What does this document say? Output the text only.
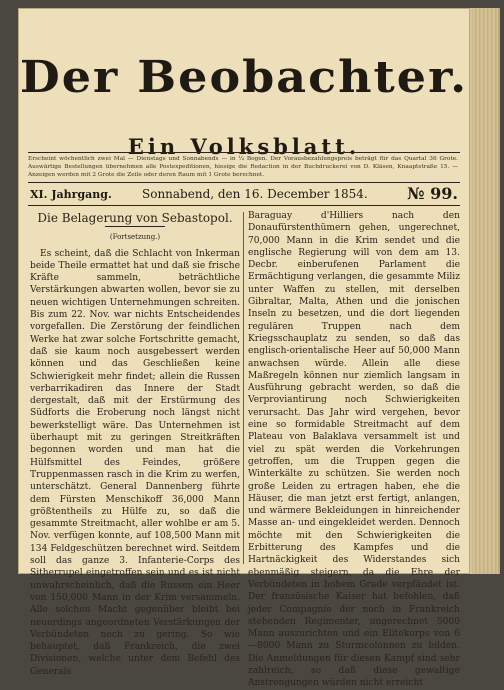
Der Beobachter.
Ein Volksblatt.
Erscheint wöchentlich zwei Mal — Dienstags und Sonnabends — in ¼ Bogen. Der Vorausbezahlungspreis beträgt für das Quartal 36 Grote. Auswärtige Bestellungen übernehmen alle Postexpeditionen, hiesige die Redaction in der Buchdruckerei von D. Kläsen, Knaaptstraße 15. — Anzeigen werden mit 2 Grote die Zeile oder deren Raum mit 1 Grote berechnet.
XI. Jahrgang.	Sonnabend, den 16. December 1854. № 99.
Die Belagerung von Sebastopol.
(Fortsetzung.)

Es scheint, daß die Schlacht von Inkerman beide Theile ermattet hat und daß sie frische Kräfte sammeln, beträchtliche Verstärkungen abwarten wollen, bevor sie zu neuen wichtigen Unternehmungen schreiten. Bis zum 22. Nov. war nichts Entscheidendes vorgefallen. Die Zerstörung der feindlichen Werke hat zwar solche Fortschritte gemacht, daß sie kaum noch ausgebessert werden können und das Geschließen keine Schwierigkeit mehr findet; allein die Russen verbarrikadiren das Innere der Stadt dergestalt, daß mit der Erstürmung des Südforts die Eroberung noch längst nicht bewerkstelligt wäre. Das Unternehmen ist überhaupt mit zu geringen Streitkräften begonnen worden und man hat die Hülfsmittel des Feindes, größere Truppenmassen rasch in die Krim zu werfen, unterschätzt. General Dannenberg führte dem Fürsten Menschikoff 36,000 Mann größtentheils zu Hülfe zu, so daß die gesammte Streitmacht, aller wohlbe er am 5. Nov. verfügen konnte, auf 108,500 Mann mit 134 Feldgeschützen berechnet wird. Seitdem soll das ganze 3. Infanterie-Corps des Sitherrupel eingetroffen sein und es ist nicht unwahrscheinlich, daß die Russen ein Heer von 150,000 Mann in der Krim versammeln. Alle solchen Macht gegenüber bleibt bei neuerdings angeordneten Verstärkungen der Verbündeten noch zu gering. So wie behauptet, daß Frankreich, die zwei Divisionen, welche unter dem Befehl des Generals

Baraguay d'Hilliers nach den Donaufürstenthümern gehen, ungerechnet, 70,000 Mann in die Krim sendet und die englische Regierung will von dem am 13. Decbr. einberufenen Parlament die Ermächtigung verlangen, die gesammte Miliz unter Waffen zu stellen, mit derselben Gibraltar, Malta, Athen und die jonischen Inseln zu besetzen, und die dort liegenden regulären Truppen nach dem Kriegsschauplatz zu senden, so daß das englisch-orientalische Heer auf 50,000 Mann anwachsen würde. Allein alle diese Maßregeln können nur ziemlich langsam in Ausführung gebracht werden, so daß die Verproviantirung noch Schwierigkeiten verursacht. Das Jahr wird vergehen, bevor eine so formidable Streitmacht auf dem Plateau von Balaklava versammelt ist und viel zu spät werden die Vorkehrungen getroffen, um die Truppen gegen die Winterkälte zu schützen. Sie werden noch große Leiden zu ertragen haben, ehe die Häuser, die man jetzt erst fertigt, anlangen, und wärmere Bekleidungen in hinreichender Masse an- und eingekleidet werden. Dennoch möchte mit den Schwierigkeiten die Erbitterung des Kampfes und die Hartnäckigkeit des Widerstandes sich ebenmäßig steigern, da die Ehre der Verbündeten in hohem Grade verpfändet ist. Der französische Kaiser hat befohlen, daß jeder Compagnie der noch in Frankreich stehenden Regimenter, ungerechnet 5000 Mann auszurichten und ein Elitekorps von 6—8000 Mann zu Sturmcolonnen zu bilden. Die Anmeldungen für diesen Kampf sind sehr zahlreich, so daß diese gewaltige Anstrengungen würden nicht erreicht
